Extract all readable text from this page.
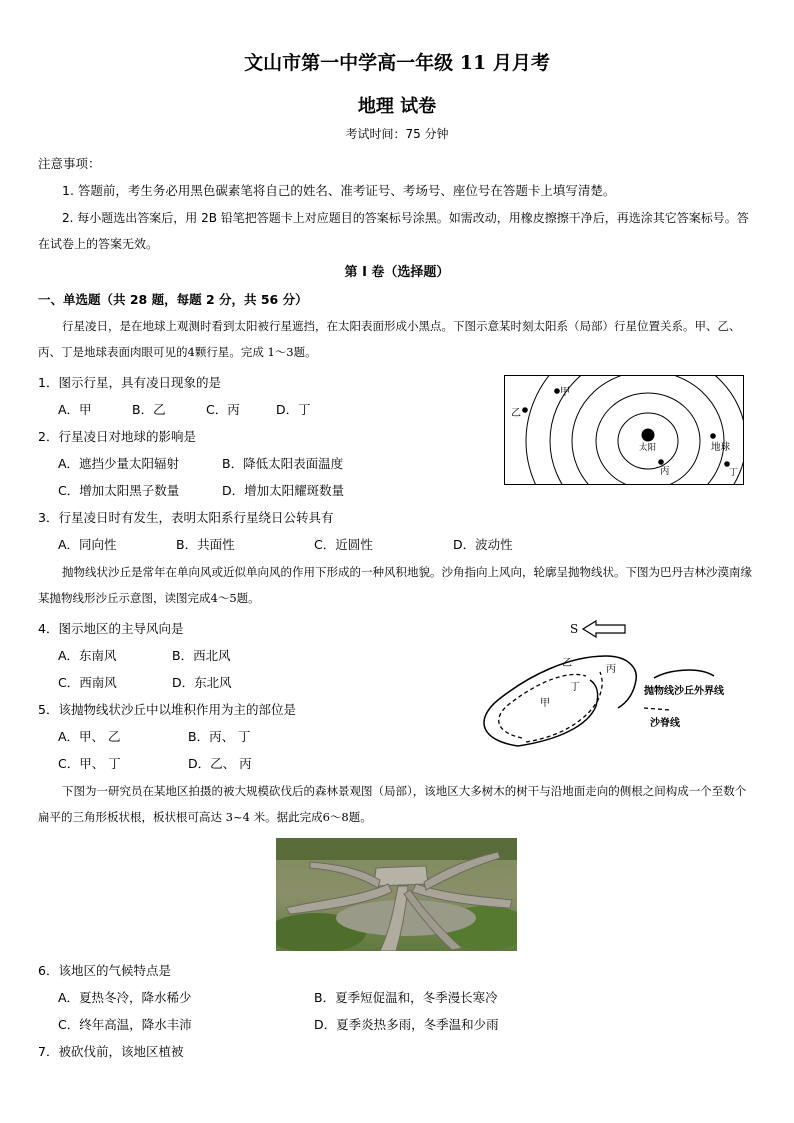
文山市第一中学高一年级 11 月月考
地理 试卷
考试时间：75 分钟
注意事项：
1. 答题前，考生务必用黑色碳素笔将自己的姓名、准考证号、考场号、座位号在答题卡上填写清楚。
2. 每小题选出答案后，用 2B 铅笔把答题卡上对应题目的答案标号涂黑。如需改动，用橡皮擦擦干净后，再选涂其它答案标号。答在试卷上的答案无效。
第 I 卷（选择题）
一、单选题（共 28 题，每题 2 分，共 56 分）
行星凌日，是在地球上观测时看到太阳被行星遮挡，在太阳表面形成小黑点。下图示意某时刻太阳系（局部）行星位置关系。甲、乙、丙、丁是地球表面肉眼可见的4颗行星。完成 1～3题。
甲
乙
太阳
丙
地球
丁
1．图示行星，具有凌日现象的是
A．甲	B．乙	C．丙	D．丁
2．行星凌日对地球的影响是
A．遮挡少量太阳辐射	B．降低太阳表面温度
C．增加太阳黑子数量	D．增加太阳耀斑数量
3．行星凌日时有发生，表明太阳系行星绕日公转具有
A．同向性	B．共面性	C．近圆性	D．波动性
抛物线状沙丘是常年在单向风或近似单向风的作用下形成的一种风积地貌。沙角指向上风向，轮廓呈抛物线状。下图为巴丹吉林沙漠南缘某抛物线形沙丘示意图，读图完成4～5题。
S
乙
丙
丁
甲
抛物线沙丘外界线
沙脊线
4．图示地区的主导风向是
A．东南风	B．西北风
C．西南风	D．东北风
5．该抛物线状沙丘中以堆积作用为主的部位是
A．甲、 乙	B．丙、 丁
C．甲、 丁	D．乙、 丙
下图为一研究员在某地区拍摄的被大规模砍伐后的森林景观图（局部），该地区大多树木的树干与沿地面走向的侧根之间构成一个至数个扁平的三角形板状根，板状根可高达 3~4 米。据此完成6～8题。
6．该地区的气候特点是
A．夏热冬冷，降水稀少	B．夏季短促温和，冬季漫长寒冷
C．终年高温，降水丰沛	D．夏季炎热多雨，冬季温和少雨
7．被砍伐前，该地区植被
